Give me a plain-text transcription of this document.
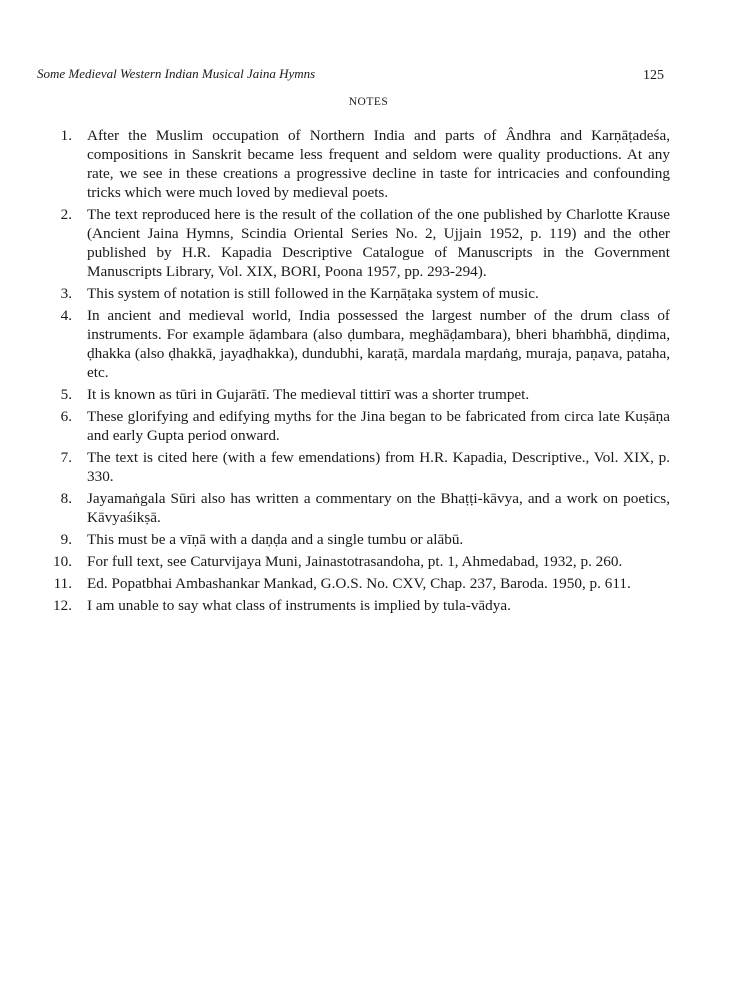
Some Medieval Western Indian Musical Jaina Hymns	125
NOTES
1. After the Muslim occupation of Northern India and parts of Ândhra and Karṇāṭadeśa, compositions in Sanskrit became less frequent and seldom were quality productions. At any rate, we see in these creations a progressive decline in taste for intricacies and confounding tricks which were much loved by medieval poets.
2. The text reproduced here is the result of the collation of the one published by Charlotte Krause (Ancient Jaina Hymns, Scindia Oriental Series No. 2, Ujjain 1952, p. 119) and the other published by H.R. Kapadia Descriptive Catalogue of Manuscripts in the Government Manuscripts Library, Vol. XIX, BORI, Poona 1957, pp. 293-294).
3. This system of notation is still followed in the Karṇāṭaka system of music.
4. In ancient and medieval world, India possessed the largest number of the drum class of instruments. For example āḍambara (also ḍumbara, meghāḍambara), bheri bhaṁbhā, diṇḍima, ḍhakka (also ḍhakkā, jayaḍhakka), dundubhi, karaṭā, mardala maṛdaṅg, muraja, paṇava, pataha, etc.
5. It is known as tūri in Gujarātī. The medieval tittirī was a shorter trumpet.
6. These glorifying and edifying myths for the Jina began to be fabricated from circa late Kuṣāṇa and early Gupta period onward.
7. The text is cited here (with a few emendations) from H.R. Kapadia, Descriptive., Vol. XIX, p. 330.
8. Jayamaṅgala Sūri also has written a commentary on the Bhaṭṭi-kāvya, and a work on poetics, Kāvyaśikṣā.
9. This must be a vīṇā with a daṇḍa and a single tumbu or alābū.
10. For full text, see Caturvijaya Muni, Jainastotrasandoha, pt. 1, Ahmedabad, 1932, p. 260.
11. Ed. Popatbhai Ambashankar Mankad, G.O.S. No. CXV, Chap. 237, Baroda. 1950, p. 611.
12. I am unable to say what class of instruments is implied by tula-vādya.
